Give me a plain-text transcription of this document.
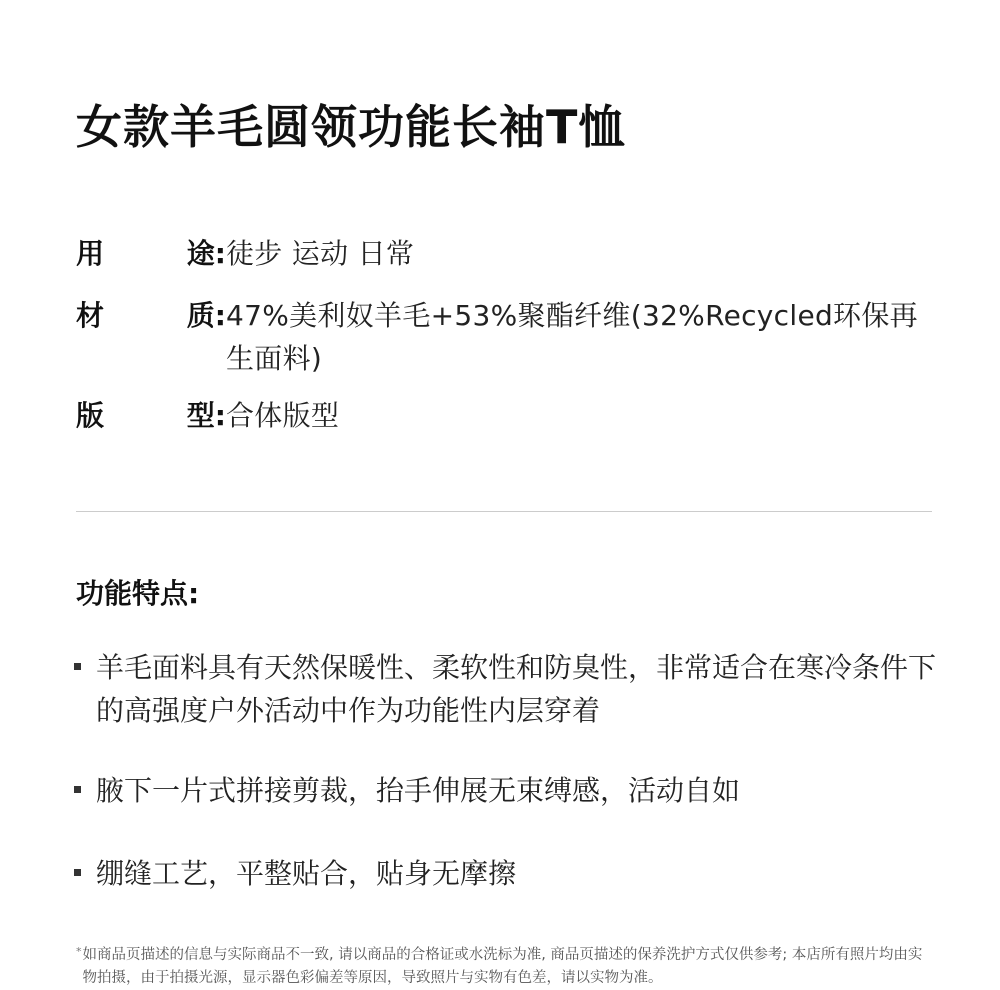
女款羊毛圆领功能长袖T恤
用	途: 徒步 运动 日常
材	质: 47%美利奴羊毛+53%聚酯纤维(32%Recycled环保再生面料)
版	型: 合体版型
功能特点:
羊毛面料具有天然保暖性、柔软性和防臭性，非常适合在寒冷条件下的高强度户外活动中作为功能性内层穿着
腋下一片式拼接剪裁，抬手伸展无束缚感，活动自如
绷缝工艺，平整贴合，贴身无摩擦
* 如商品页描述的信息与实际商品不一致, 请以商品的合格证或水洗标为准, 商品页描述的保养洗护方式仅供参考; 本店所有照片均由实物拍摄，由于拍摄光源，显示器色彩偏差等原因，导致照片与实物有色差，请以实物为准。
